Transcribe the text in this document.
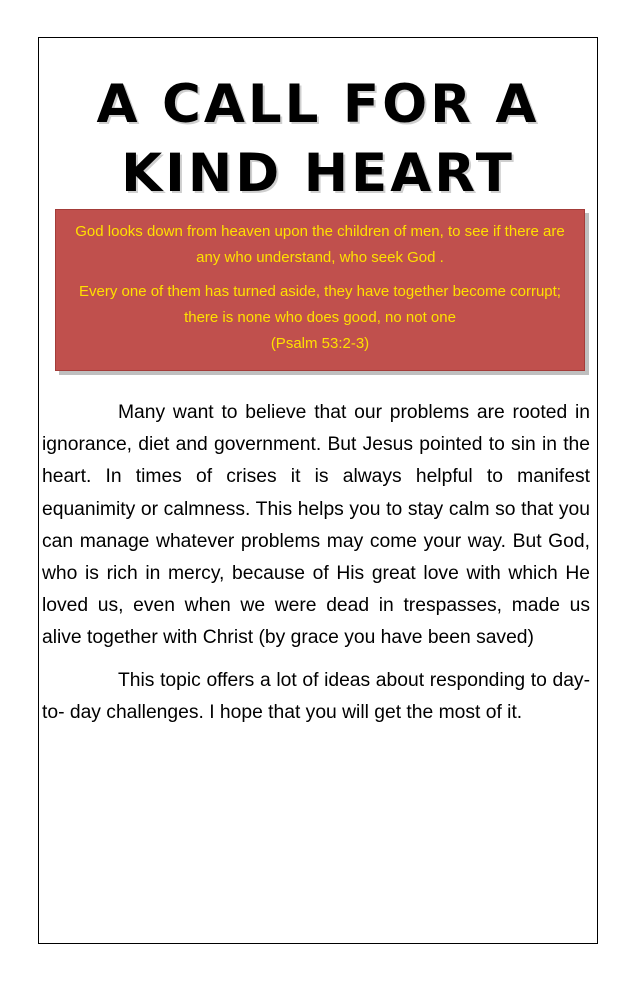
A CALL FOR A
KIND HEART

God looks down from heaven upon the children of men, to see if there are any who understand, who seek God .

Every one of them has turned aside, they have together become corrupt; there is none who does good, no not one

(Psalm 53:2-3)

Many want to believe that our problems are rooted in ignorance, diet and government. But Jesus pointed to sin in the heart. In times of crises it is always helpful to manifest equanimity or calmness. This helps you to stay calm so that you can manage whatever problems may come your way. But God, who is rich in mercy, because of His great love with which He loved us, even when we were dead in trespasses, made us alive together with Christ (by grace you have been saved)

This topic offers a lot of ideas about responding to day-to- day challenges. I hope that you will get the most of it.
